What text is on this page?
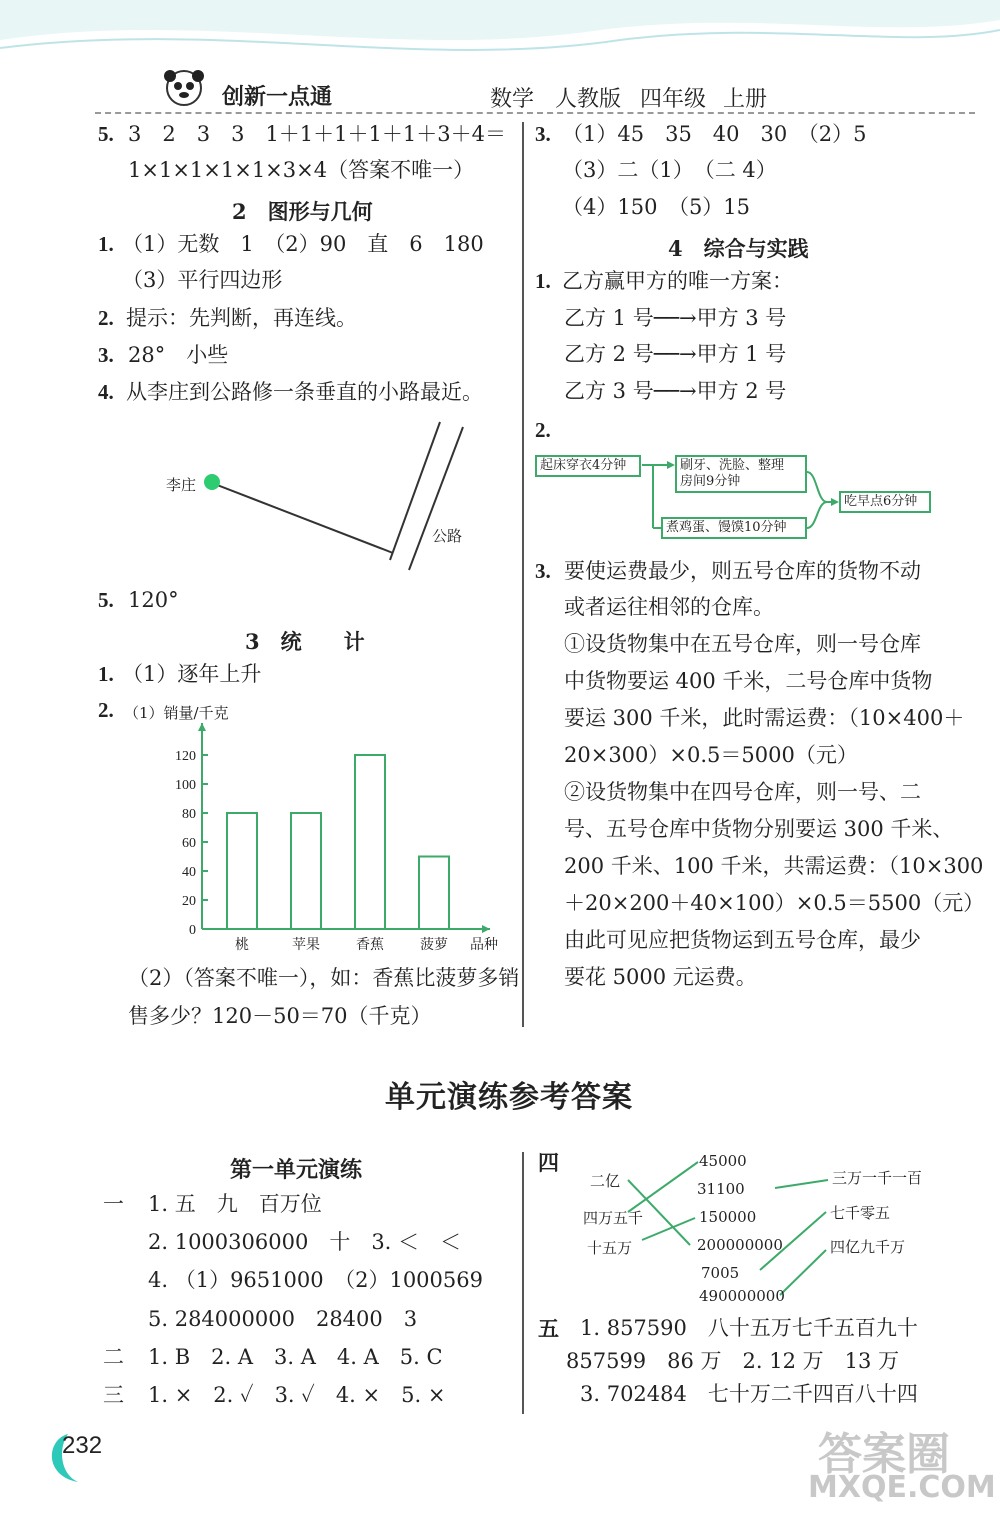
创新一点通	数学 人教版 四年级 上册
5. 3　2　3　3　1＋1＋1＋1＋1＋3＋4＝
1×1×1×1×1×3×4（答案不唯一）
2　图形与几何
1. （1）无数　1　（2）90　直　6　180
（3）平行四边形
2. 提示：先判断，再连线。
3. 28°　小些
4. 从李庄到公路修一条垂直的小路最近。
李庄
公路
5. 120°
3　统　　计
1. （1）逐年上升
2. （1）销量/千克
0
20
40
60
80
100
120
桃	苹果	香蕉	菠萝 品种
（2）（答案不唯一），如：香蕉比菠萝多销
售多少？120－50＝70（千克）
3. （1）45　35　40　30　（2）5
（3）二（1）　（二 4）
（4）150　（5）15
4　综合与实践
1. 乙方赢甲方的唯一方案：
乙方 1 号──→甲方 3 号
乙方 2 号──→甲方 1 号
乙方 3 号──→甲方 2 号
2.
起床穿衣4分钟	刷牙、洗脸、整理
房间9分钟
煮鸡蛋、馒馍10分钟
吃早点6分钟
3. 要使运费最少，则五号仓库的货物不动
或者运往相邻的仓库。
①设货物集中在五号仓库，则一号仓库
中货物要运 400 千米，二号仓库中货物
要运 300 千米，此时需运费：（10×400＋
20×300）×0.5＝5000（元）
②设货物集中在四号仓库，则一号、二
号、五号仓库中货物分别要运 300 千米、
200 千米、100 千米，共需运费：（10×300
＋20×200＋40×100）×0.5＝5500（元）
由此可见应把货物运到五号仓库，最少
要花 5000 元运费。
单元演练参考答案
第一单元演练
一 1. 五　九　百万位
2. 1000306000　十　3. ＜　＜
4. （1）9651000　（2）1000569
5. 284000000　28400　3
二 1. B　2. A　3. A　4. A　5. C
三 1. ×　2. ✓　3. ✓　4. ×　5. ×
四
二亿
四万五千
十五万
45000
31100
150000
200000000
7005
490000000
三万一千一百
七千零五
四亿九千万
五 1. 857590　八十五万七千五百九十
857599　86 万　2. 12 万　13 万
3. 702484　七十万二千四百八十四
232	答案圈
MXQE.COM
